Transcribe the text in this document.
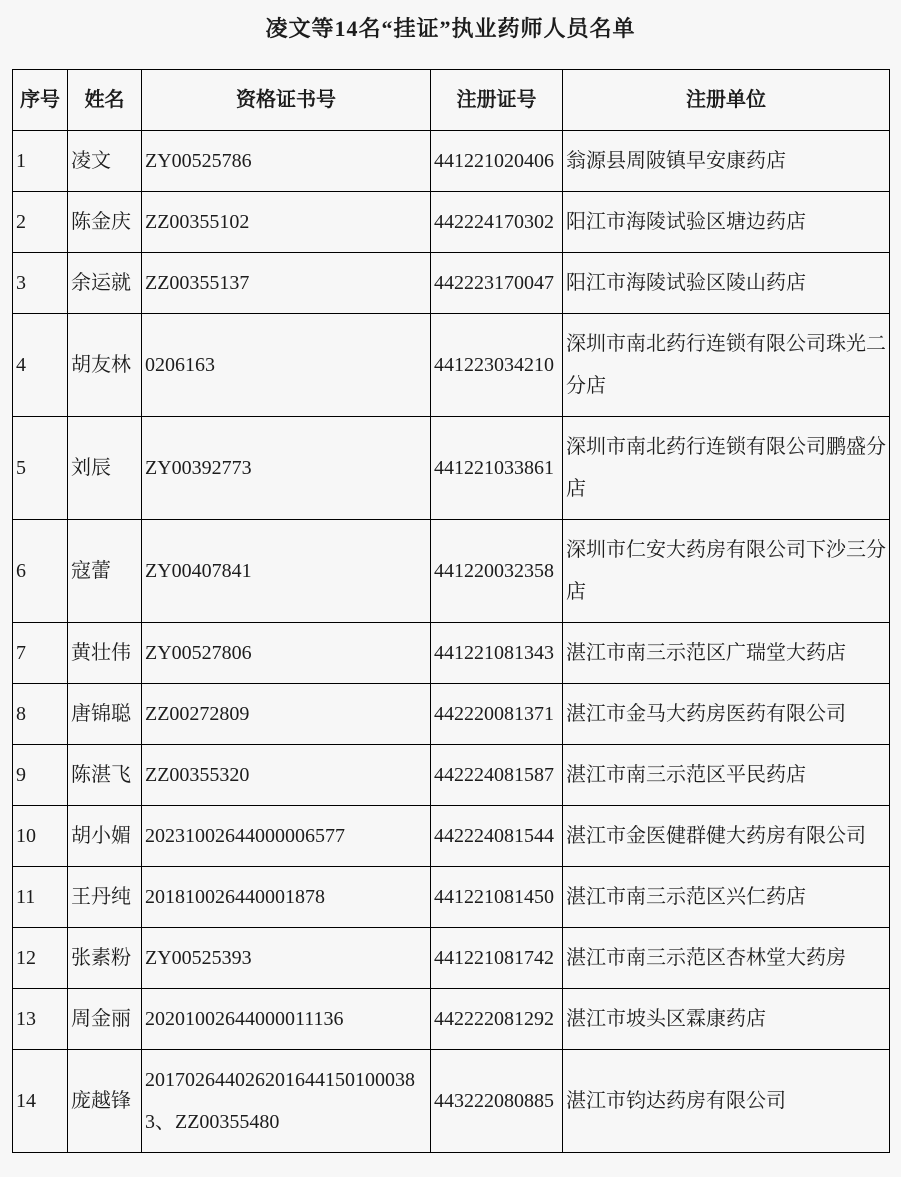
凌文等14名“挂证”执业药师人员名单
序号	姓名	资格证书号	注册证号	注册单位
1	凌文	ZY00525786	441221020406	翁源县周陂镇早安康药店
2	陈金庆	ZZ00355102	442224170302	阳江市海陵试验区塘边药店
3	余运就	ZZ00355137	442223170047	阳江市海陵试验区陵山药店
4	胡友林	0206163	441223034210	深圳市南北药行连锁有限公司珠光二分店
5	刘辰	ZY00392773	441221033861	深圳市南北药行连锁有限公司鹏盛分店
6	寇蕾	ZY00407841	441220032358	深圳市仁安大药房有限公司下沙三分店
7	黄壮伟	ZY00527806	441221081343	湛江市南三示范区广瑞堂大药店
8	唐锦聪	ZZ00272809	442220081371	湛江市金马大药房医药有限公司
9	陈湛飞	ZZ00355320	442224081587	湛江市南三示范区平民药店
10	胡小媚	20231002644000006577	442224081544	湛江市金医健群健大药房有限公司
11	王丹纯	201810026440001878	441221081450	湛江市南三示范区兴仁药店
12	张素粉	ZY00525393	441221081742	湛江市南三示范区杏林堂大药房
13	周金丽	20201002644000011136	442222081292	湛江市坡头区霖康药店
14	庞越锋	2017026440262016441501000383、ZZ00355480	443222080885	湛江市钧达药房有限公司
